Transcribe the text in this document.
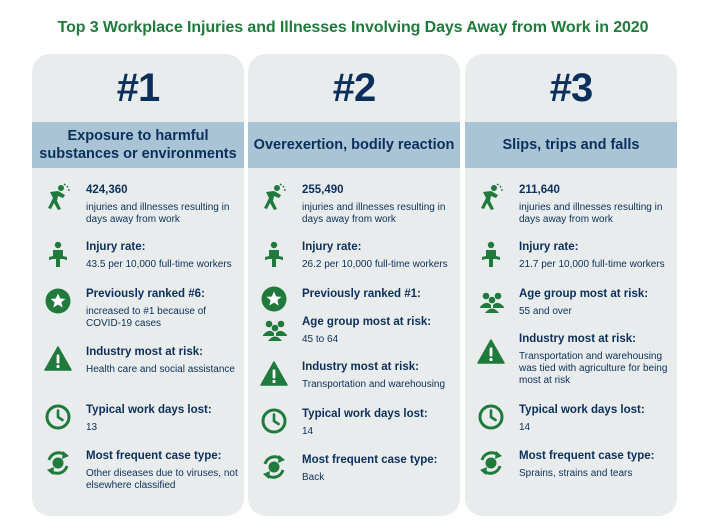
Top 3 Workplace Injuries and Illnesses Involving Days Away from Work in 2020
#1
Exposure to harmful substances or environments
424,360
injuries and illnesses resulting in days away from work
Injury rate:
43.5 per 10,000 full-time workers
Previously ranked #6:
increased to #1 because of COVID-19 cases
Industry most at risk:
Health care and social assistance
Typical work days lost:
13
Most frequent case type:
Other diseases due to viruses, not elsewhere classified
#2
Overexertion, bodily reaction
255,490
injuries and illnesses resulting in days away from work
Injury rate:
26.2 per 10,000 full-time workers
Previously ranked #1:
Age group most at risk:
45 to 64
Industry most at risk:
Transportation and warehousing
Typical work days lost:
14
Most frequent case type:
Back
#3
Slips, trips and falls
211,640
injuries and illnesses resulting in days away from work
Injury rate:
21.7 per 10,000 full-time workers
Age group most at risk:
55 and over
Industry most at risk:
Transportation and warehousing was tied with agriculture for being most at risk
Typical work days lost:
14
Most frequent case type:
Sprains, strains and tears
